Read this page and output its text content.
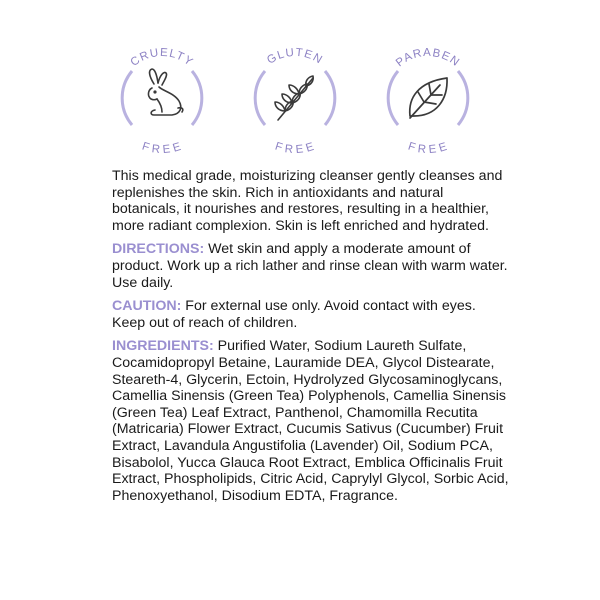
CRUELTY
FREE
GLUTEN
FREE
PARABEN
FREE

This medical grade, moisturizing cleanser gently cleanses and replenishes the skin. Rich in antioxidants and natural botanicals, it nourishes and restores, resulting in a healthier, more radiant complexion. Skin is left enriched and hydrated.

DIRECTIONS: Wet skin and apply a moderate amount of product. Work up a rich lather and rinse clean with warm water. Use daily.

CAUTION: For external use only. Avoid contact with eyes. Keep out of reach of children.

INGREDIENTS: Purified Water, Sodium Laureth Sulfate, Cocamidopropyl Betaine, Lauramide DEA, Glycol Distearate, Steareth-4, Glycerin, Ectoin, Hydrolyzed Glycosaminoglycans, Camellia Sinensis (Green Tea) Polyphenols, Camellia Sinensis (Green Tea) Leaf Extract, Panthenol, Chamomilla Recutita (Matricaria) Flower Extract, Cucumis Sativus (Cucumber) Fruit Extract, Lavandula Angustifolia (Lavender) Oil, Sodium PCA, Bisabolol, Yucca Glauca Root Extract, Emblica Officinalis Fruit Extract, Phospholipids, Citric Acid, Caprylyl Glycol, Sorbic Acid, Phenoxyethanol, Disodium EDTA, Fragrance.
